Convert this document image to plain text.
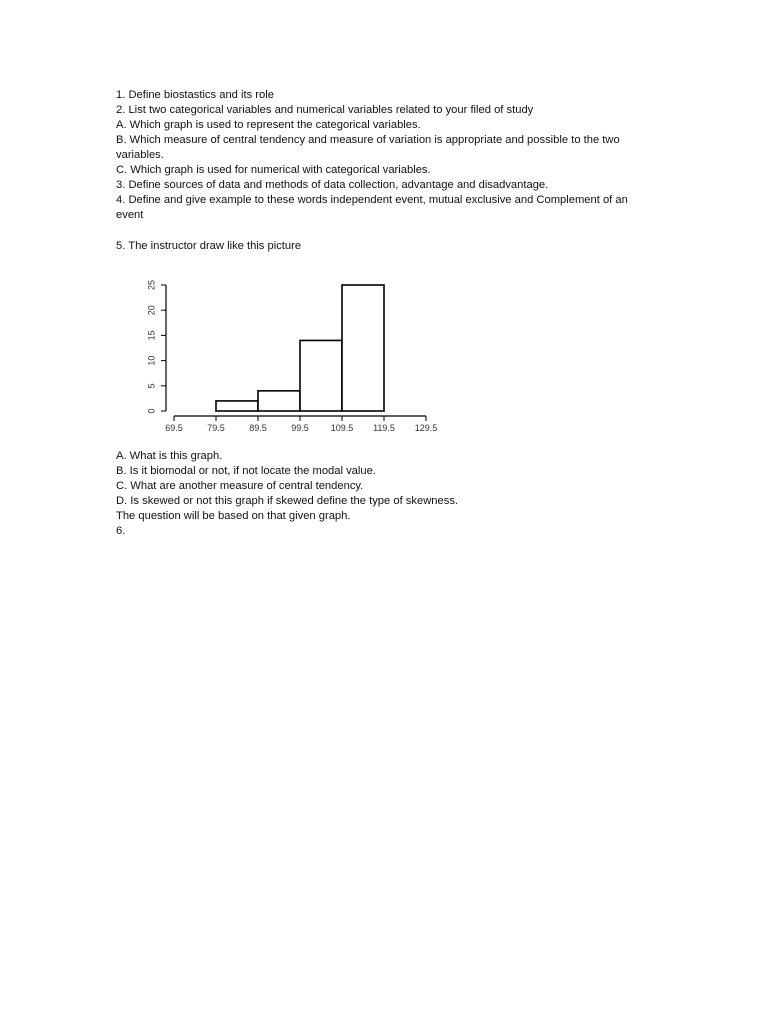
1. Define biostastics and its role
2. List two categorical variables and numerical variables related to your filed of study
A. Which graph is used to represent the categorical variables.
B. Which measure of central tendency and measure of variation is appropriate and possible to the two variables.
C. Which graph is used for numerical with categorical variables.
3. Define sources of data and methods of data collection, advantage and disadvantage.
4. Define and give example to these words independent event, mutual exclusive and Complement of an event
5. The instructor draw like this picture
69.5	79.5	89.5	99.5 109.5 119.5 129.5
0
5
10
15
20
25
A. What is this graph.
B. Is it biomodal or not, if not locate the modal value.
C. What are another measure of central tendency.
D. Is skewed or not this graph if skewed define the type of skewness.
The question will be based on that given graph.
6.
